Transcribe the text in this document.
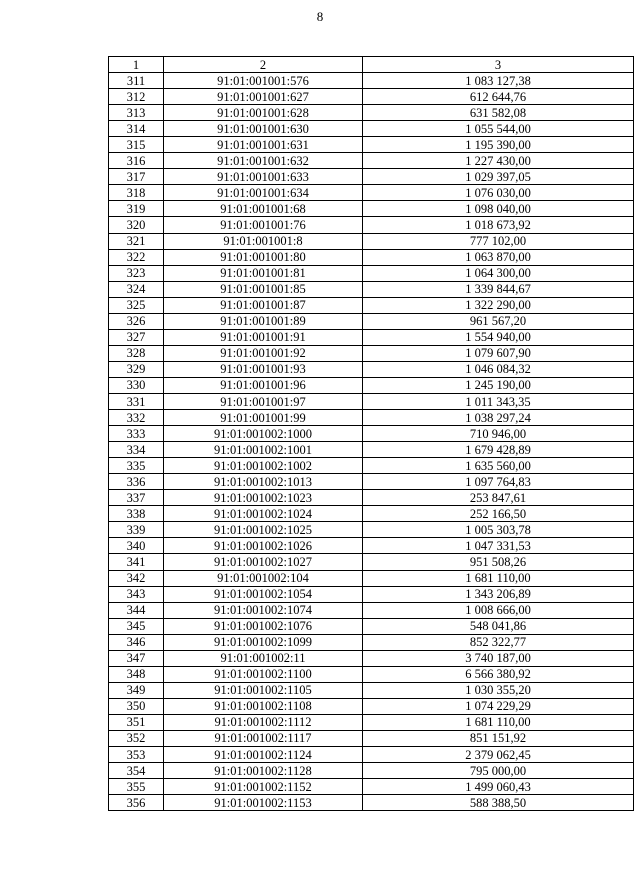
8
1	2	3
311	91:01:001001:576	1 083 127,38
312	91:01:001001:627	612 644,76
313	91:01:001001:628	631 582,08
314	91:01:001001:630	1 055 544,00
315	91:01:001001:631	1 195 390,00
316	91:01:001001:632	1 227 430,00
317	91:01:001001:633	1 029 397,05
318	91:01:001001:634	1 076 030,00
319	91:01:001001:68	1 098 040,00
320	91:01:001001:76	1 018 673,92
321	91:01:001001:8	777 102,00
322	91:01:001001:80	1 063 870,00
323	91:01:001001:81	1 064 300,00
324	91:01:001001:85	1 339 844,67
325	91:01:001001:87	1 322 290,00
326	91:01:001001:89	961 567,20
327	91:01:001001:91	1 554 940,00
328	91:01:001001:92	1 079 607,90
329	91:01:001001:93	1 046 084,32
330	91:01:001001:96	1 245 190,00
331	91:01:001001:97	1 011 343,35
332	91:01:001001:99	1 038 297,24
333	91:01:001002:1000	710 946,00
334	91:01:001002:1001	1 679 428,89
335	91:01:001002:1002	1 635 560,00
336	91:01:001002:1013	1 097 764,83
337	91:01:001002:1023	253 847,61
338	91:01:001002:1024	252 166,50
339	91:01:001002:1025	1 005 303,78
340	91:01:001002:1026	1 047 331,53
341	91:01:001002:1027	951 508,26
342	91:01:001002:104	1 681 110,00
343	91:01:001002:1054	1 343 206,89
344	91:01:001002:1074	1 008 666,00
345	91:01:001002:1076	548 041,86
346	91:01:001002:1099	852 322,77
347	91:01:001002:11	3 740 187,00
348	91:01:001002:1100	6 566 380,92
349	91:01:001002:1105	1 030 355,20
350	91:01:001002:1108	1 074 229,29
351	91:01:001002:1112	1 681 110,00
352	91:01:001002:1117	851 151,92
353	91:01:001002:1124	2 379 062,45
354	91:01:001002:1128	795 000,00
355	91:01:001002:1152	1 499 060,43
356	91:01:001002:1153	588 388,50
